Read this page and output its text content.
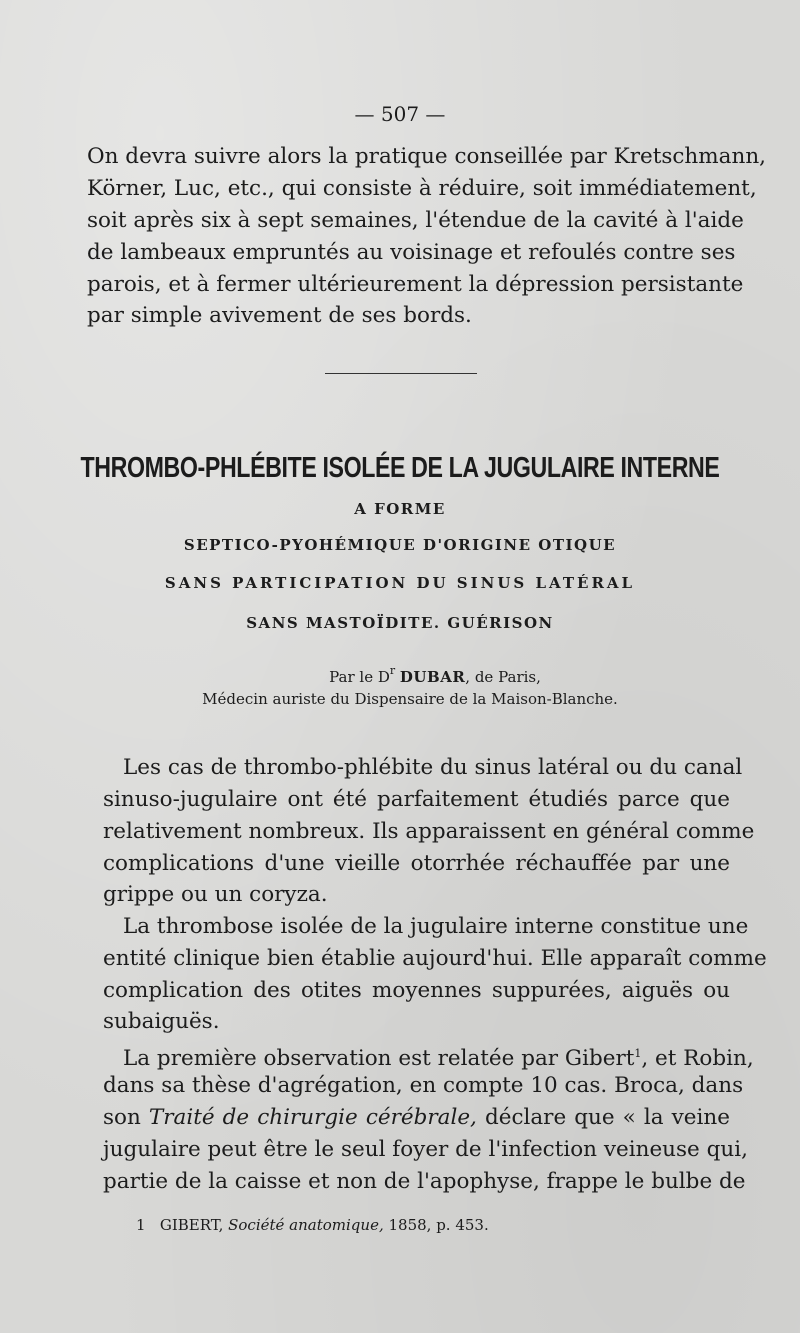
— 507 —
On devra suivre alors la pratique conseillée par Kretschmann,
Körner, Luc, etc., qui consiste à réduire, soit immédiatement,
soit après six à sept semaines, l'étendue de la cavité à l'aide
de lambeaux empruntés au voisinage et refoulés contre ses
parois, et à fermer ultérieurement la dépression persistante
par simple avivement de ses bords.
THROMBO-PHLÉBITE ISOLÉE DE LA JUGULAIRE INTERNE
A FORME
SEPTICO-PYOHÉMIQUE D'ORIGINE OTIQUE
SANS PARTICIPATION DU SINUS LATÉRAL
SANS MASTOÏDITE. GUÉRISON
Par le $D^r$ DUBAR, de Paris,
Médecin auriste du Dispensaire de la Maison-Blanche.
Les cas de thrombo-phlébite du sinus latéral ou du canal
sinuso-jugulaire ont été parfaitement étudiés parce que
relativement nombreux. Ils apparaissent en général comme
complications d'une vieille otorrhée réchauffée par une
grippe ou un coryza.
La thrombose isolée de la jugulaire interne constitue une
entité clinique bien établie aujourd'hui. Elle apparaît comme
complication des otites moyennes suppurées, aiguës ou
subaiguës.
La première observation est relatée par Gibert$^1$, et Robin,
dans sa thèse d'agrégation, en compte 10 cas. Broca, dans
son Traité de chirurgie cérébrale, déclare que « la veine
jugulaire peut être le seul foyer de l'infection veineuse qui,
partie de la caisse et non de l'apophyse, frappe le bulbe de
1 GIBERT, Société anatomique, 1858, p. 453.
